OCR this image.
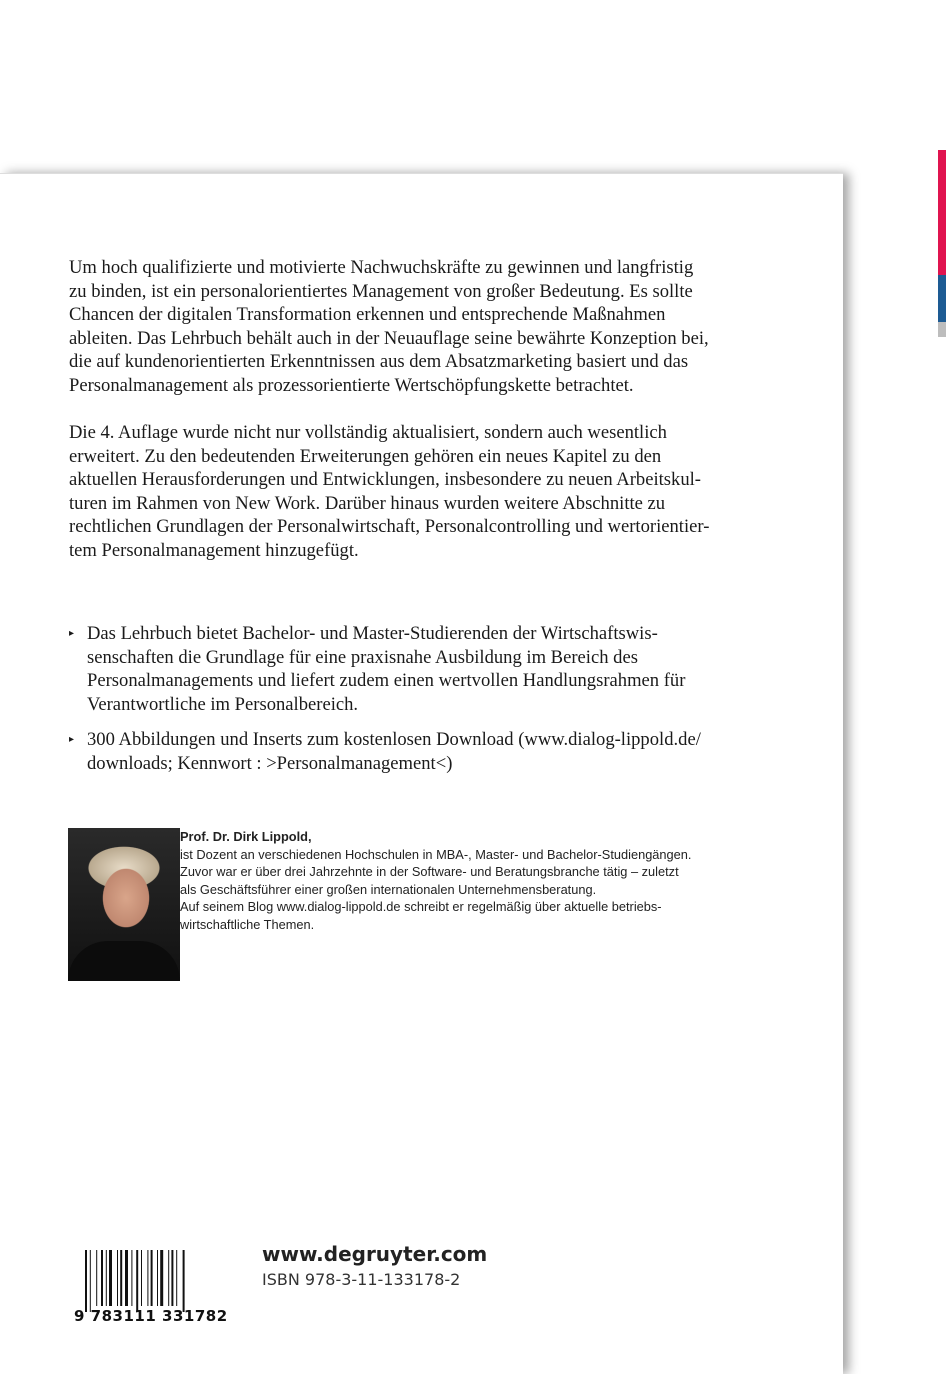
Um hoch qualifizierte und motivierte Nachwuchskräfte zu gewinnen und langfristig
zu binden, ist ein personalorientiertes Management von großer Bedeutung. Es sollte
Chancen der digitalen Transformation erkennen und entsprechende Maßnahmen
ableiten. Das Lehrbuch behält auch in der Neuauflage seine bewährte Konzeption bei,
die auf kundenorientierten Erkenntnissen aus dem Absatzmarketing basiert und das
Personalmanagement als prozessorientierte Wertschöpfungskette betrachtet.
Die 4. Auflage wurde nicht nur vollständig aktualisiert, sondern auch wesentlich
erweitert. Zu den bedeutenden Erweiterungen gehören ein neues Kapitel zu den
aktuellen Herausforderungen und Entwicklungen, insbesondere zu neuen Arbeitskul-
turen im Rahmen von New Work. Darüber hinaus wurden weitere Abschnitte zu
rechtlichen Grundlagen der Personalwirtschaft, Personalcontrolling und wertorientier-
tem Personalmanagement hinzugefügt.
▸ Das Lehrbuch bietet Bachelor- und Master-Studierenden der Wirtschaftswis-
senschaften die Grundlage für eine praxisnahe Ausbildung im Bereich des
Personalmanagements und liefert zudem einen wertvollen Handlungsrahmen für
Verantwortliche im Personalbereich.
▸ 300 Abbildungen und Inserts zum kostenlosen Download (www.dialog-lippold.de/
downloads; Kennwort : >Personalmanagement<)
Prof. Dr. Dirk Lippold,
ist Dozent an verschiedenen Hochschulen in MBA-, Master- und Bachelor-Studiengängen.
Zuvor war er über drei Jahrzehnte in der Software- und Beratungsbranche tätig – zuletzt
als Geschäftsführer einer großen internationalen Unternehmensberatung.
Auf seinem Blog www.dialog-lippold.de schreibt er regelmäßig über aktuelle betriebs-
wirtschaftliche Themen.
9 783111 331782
www.degruyter.com
ISBN 978-3-11-133178-2
